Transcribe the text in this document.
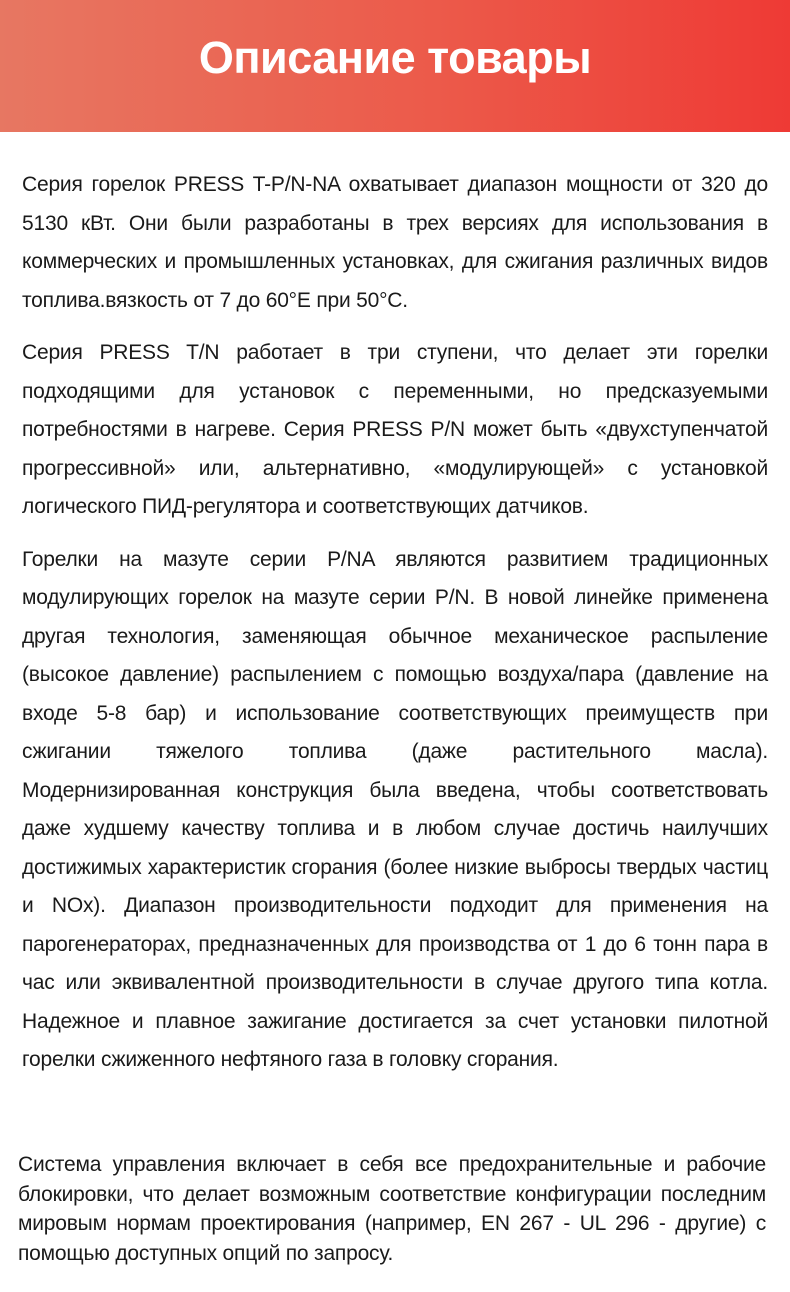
Описание товары

Серия горелок PRESS T-P/N-NA охватывает диапазон мощности от 320 до 5130 кВт. Они были разработаны в трех версиях для использования в коммерческих и промышленных установках, для сжигания различных видов топлива.вязкость от 7 до 60°E при 50°C.

Серия PRESS T/N работает в три ступени, что делает эти горелки подходящими для установок с переменными, но предсказуемыми потребностями в нагреве. Серия PRESS P/N может быть «двухступенчатой прогрессивной» или, альтернативно, «модулирующей» с установкой логического ПИД-регулятора и соответствующих датчиков.

Горелки на мазуте серии P/NA являются развитием традиционных модулирующих горелок на мазуте серии P/N. В новой линейке применена другая технология, заменяющая обычное механическое распыление (высокое давление) распылением с помощью воздуха/пара (давление на входе 5-8 бар) и использование соответствующих преимуществ при сжигании тяжелого топлива (даже растительного масла). Модернизированная конструкция была введена, чтобы соответствовать даже худшему качеству топлива и в любом случае достичь наилучших достижимых характеристик сгорания (более низкие выбросы твердых частиц и NOx). Диапазон производительности подходит для применения на парогенераторах, предназначенных для производства от 1 до 6 тонн пара в час или эквивалентной производительности в случае другого типа котла. Надежное и плавное зажигание достигается за счет установки пилотной горелки сжиженного нефтяного газа в головку сгорания.

Система управления включает в себя все предохранительные и рабочие блокировки, что делает возможным соответствие конфигурации последним мировым нормам проектирования (например, EN 267 - UL 296 - другие) с помощью доступных опций по запросу.
